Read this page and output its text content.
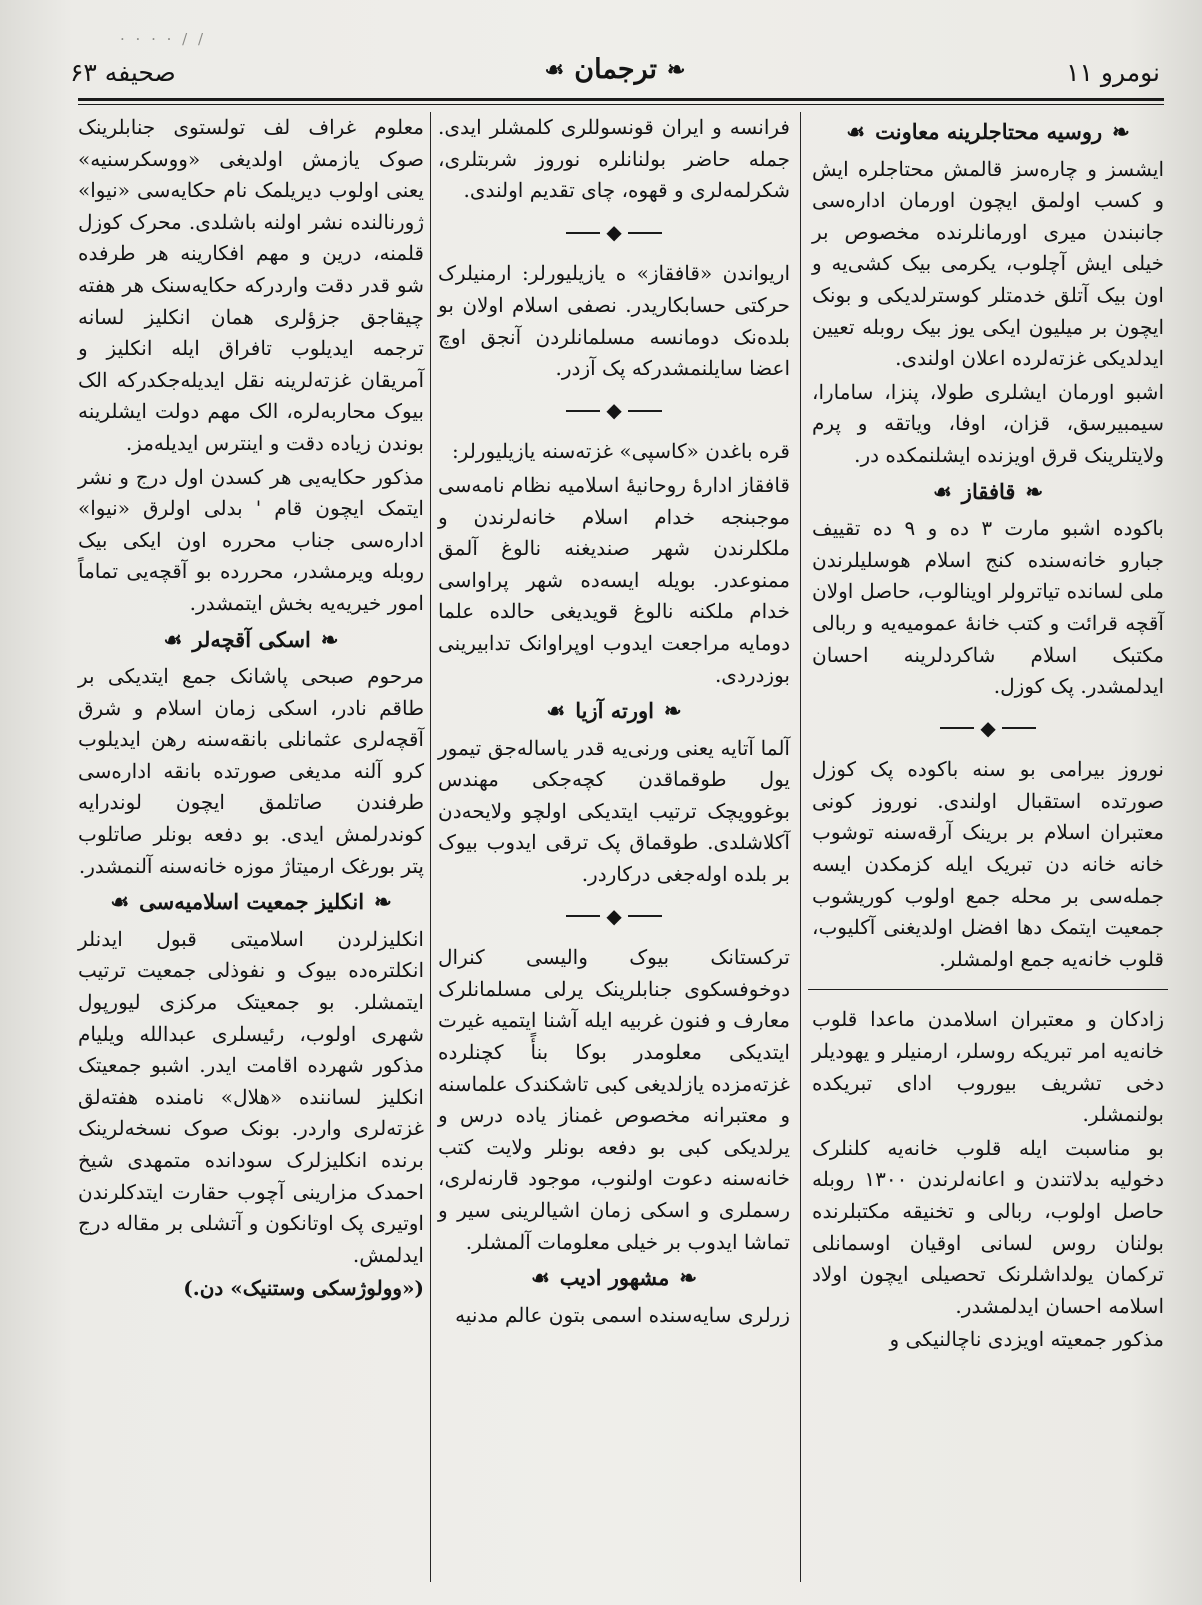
· · · · / /
نومرو ۱۱
❧
ترجمان
☙
صحیفه ۶۳
❧
روسیه محتاجلرینه معاونت
☙

ایشسز و چاره‌سز قالمش محتاجلره ایش و کسب اولمق ایچون اورمان اداره‌سی جانبندن میری اورمانلرنده مخصوص بر خیلی ایش آچلوب، یکرمی بیک کشی‌یه و اون بیک آتلق خدمتلر کوسترلدیکی و بونک ایچون بر میلیون ایکی یوز بیک روبله تعیین ایدلدیکی غزته‌لرده اعلان اولندی.

اشبو اورمان ایشلری طولا، پنزا، سامارا، سیمبیرسق، قزان، اوفا، ویاتقه و پرم ولایتلرینک قرق اویزنده ایشلنمکده در.

❧
قافقاز
☙

باکوده اشبو مارت ۳ ده و ۹ ده تقییف جبارو خانه‌سنده کنج اسلام هوسلیلرندن ملی لسانده تیاترولر اوینالوب، حاصل اولان آقچه قرائت و کتب خانهٔ عمومیه‌یه و ربالی مکتبک اسلام شاکردلرینه احسان ایدلمشدر. پک کوزل.

◆

نوروز بیرامی بو سنه باکوده پک کوزل صورتده استقبال اولندی. نوروز کونی معتبران اسلام بر برینک آرقه‌سنه توشوب خانه خانه دن تبریک ایله کزمکدن ایسه جمله‌سی بر محله جمع اولوب کوریشوب جمعیت ایتمک دها افضل اولدیغنی آکلیوب، قلوب خانه‌یه جمع اولمشلر.

زادکان و معتبران اسلامدن ماعدا قلوب خانه‌یه امر تبریکه روسلر، ارمنیلر و یهودیلر دخی تشریف بیوروب ادای تبریکده بولنمشلر.

بو مناسبت ایله قلوب خانه‌یه کلنلرک دخولیه بدلاتندن و اعانه‌لرندن ۱۳۰۰ روبله حاصل اولوب، ربالی و تخنیقه مکتبلرنده بولنان روس لسانی اوقیان اوسمانلی ترکمان یولداشلرنک تحصیلی ایچون اولاد اسلامه احسان ایدلمشدر.

مذکور جمعیته اویزدی ناچالنیکی و

فرانسه و ایران قونسوللری کلمشلر ایدی. جمله حاضر بولنانلره نوروز شربتلری، شکرلمه‌لری و قهوه، چای تقدیم اولندی.

◆

اریواندن «قافقاز» ه یازیلیورلر: ارمنیلرک حرکتی حسابکاریدر. نصفی اسلام اولان بو بلده‌نک دومانسه مسلمانلردن آنجق اوچ اعضا سایلنمشدرکه پک آزدر.

◆

قره باغدن «کاسپی» غزته‌سنه یازیلیورلر:

قافقاز ادارهٔ روحانیهٔ اسلامیه نظام نامه‌سی موجبنجه خدام اسلام خانه‌لرندن و ملکلرندن شهر صندیغنه نالوغ آلمق ممنوعدر. بویله ایسه‌ده شهر پراواسی خدام ملکنه نالوغ قویدیغی حالده علما دومایه مراجعت ایدوب اوپراوانک تدابیرینی بوزدردی.

❧
اورته آزیا
☙

آلما آتایه یعنی ورنی‌یه قدر یاساله‌جق تیمور یول طوقماقدن کچه‌جکی مهندس بوغوویچک ترتیب ایتدیکی اولچو ولایحه‌دن آکلاشلدی. طوقماق پک ترقی ایدوب بیوک بر بلده اوله‌جغی درکاردر.

◆

ترکستانک بیوک والیسی کنرال دوخوفسکوی جنابلرینک یرلی مسلمانلرک معارف و فنون غربیه ایله آشنا ایتمیه غیرت ایتدیکی معلومدر بوکا بنأً کچنلرده غزته‌مزده یازلدیغی کبی تاشکندک علماسنه و معتبرانه مخصوص غمناز یاده درس و یرلدیکی کبی بو دفعه بونلر ولایت کتب خانه‌سنه دعوت اولنوب، موجود قارنه‌لری، رسملری و اسکی زمان اشیالرینی سیر و تماشا ایدوب بر خیلی معلومات آلمشلر.

❧
مشهور ادیب
☙

زرلری سایه‌سنده اسمی بتون عالم مدنیه

معلوم غراف لف تولستوی جنابلرینک صوک یازمش اولدیغی «ووسکرسنیه» یعنی اولوب دیریلمک نام حکایه‌سی «نیوا» ژورنالنده نشر اولنه باشلدی. محرک کوزل قلمنه، درین و مهم افکارینه هر طرفده شو قدر دقت واردرکه حکایه‌سنک هر هفته چیقاجق جزؤلری همان انکلیز لسانه ترجمه ایدیلوب تافراق ایله انکلیز و آمریقان غزته‌لرینه نقل ایدیله‌جکدرکه الک بیوک محاربه‌لره، الک مهم دولت ایشلرینه بوندن زیاده دقت و اینترس ایدیله‌مز.

مذکور حکایه‌یی هر کسدن اول درج و نشر ایتمک ایچون قام ' بدلی اولرق «نیوا» اداره‌سی جناب محرره اون ایکی بیک روبله ویرمشدر، محررده بو آقچه‌یی تماماً امور خیریه‌یه بخش ایتمشدر.

❧
اسکی آقچه‌لر
☙

مرحوم صبحی پاشانک جمع ایتدیکی بر طاقم نادر، اسکی زمان اسلام و شرق آقچه‌لری عثمانلی بانقه‌سنه رهن ایدیلوب کرو آلنه مدیغی صورتده بانقه اداره‌سی طرفندن صاتلمق ایچون لوندرایه کوندرلمش ایدی. بو دفعه بونلر صاتلوب پتر بورغک ارمیتاژ موزه خانه‌سنه آلنمشدر.

❧
انکلیز جمعیت اسلامیه‌سی
☙

انکلیزلردن اسلامیتی قبول ایدنلر انکلتره‌ده بیوک و نفوذلی جمعیت ترتیب ایتمشلر. بو جمعیتک مرکزی لیورپول شهری اولوب، رئیسلری عبدالله ویلیام مذکور شهرده اقامت ایدر. اشبو جمعیتک انکلیز لساننده «هلال» نامنده هفته‌لق غزته‌لری واردر. بونک صوک نسخه‌لرینک برنده انکلیزلرک سودانده متمهدی شیخ احمدک مزارینی آچوب حقارت ایتدکلرندن اوتیری پک اوتانکون و آتشلی بر مقاله درج ایدلمش.

(«وولوژسکی وستنیک» دن.)
